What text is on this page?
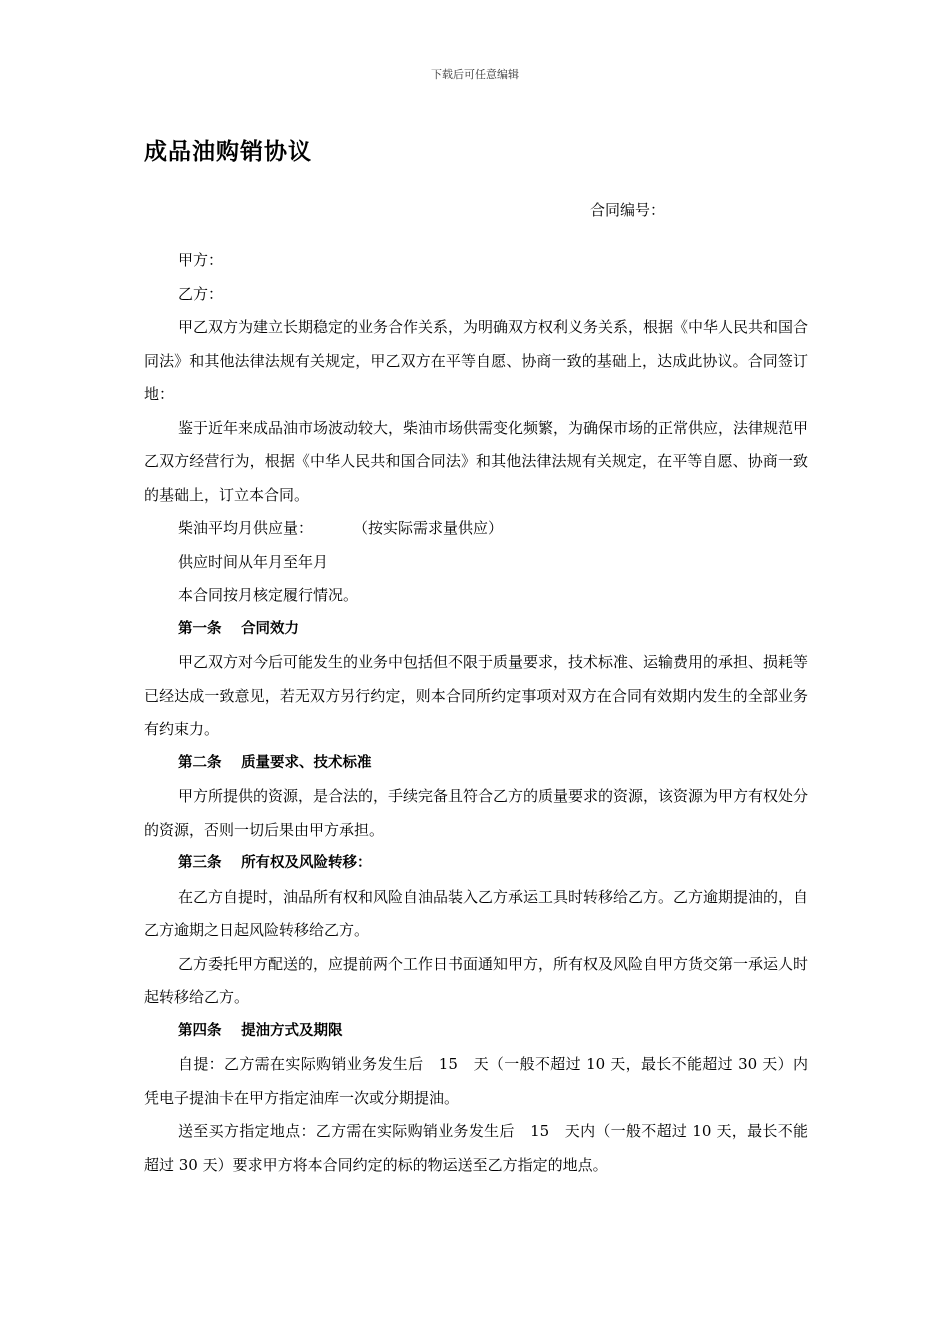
下载后可任意编辑
成品油购销协议
合同编号：

甲方：

乙方：

甲乙双方为建立长期稳定的业务合作关系，为明确双方权利义务关系，根据《中华人民共和国合同法》和其他法律法规有关规定，甲乙双方在平等自愿、协商一致的基础上，达成此协议。合同签订地：

鉴于近年来成品油市场波动较大，柴油市场供需变化频繁，为确保市场的正常供应，法律规范甲乙双方经营行为，根据《中华人民共和国合同法》和其他法律法规有关规定，在平等自愿、协商一致的基础上，订立本合同。

柴油平均月供应量：	（按实际需求量供应）

供应时间从年月至年月

本合同按月核定履行情况。

第一条　 合同效力

甲乙双方对今后可能发生的业务中包括但不限于质量要求，技术标准、运输费用的承担、损耗等已经达成一致意见，若无双方另行约定，则本合同所约定事项对双方在合同有效期内发生的全部业务有约束力。

第二条　 质量要求、技术标准

甲方所提供的资源，是合法的，手续完备且符合乙方的质量要求的资源，该资源为甲方有权处分的资源，否则一切后果由甲方承担。

第三条　 所有权及风险转移：

在乙方自提时，油品所有权和风险自油品装入乙方承运工具时转移给乙方。乙方逾期提油的，自乙方逾期之日起风险转移给乙方。

乙方委托甲方配送的，应提前两个工作日书面通知甲方，所有权及风险自甲方货交第一承运人时起转移给乙方。

第四条　 提油方式及期限

自提：乙方需在实际购销业务发生后　15　天（一般不超过 10 天，最长不能超过 30 天）内凭电子提油卡在甲方指定油库一次或分期提油。

送至买方指定地点：乙方需在实际购销业务发生后　15　天内（一般不超过 10 天，最长不能超过 30 天）要求甲方将本合同约定的标的物运送至乙方指定的地点。
